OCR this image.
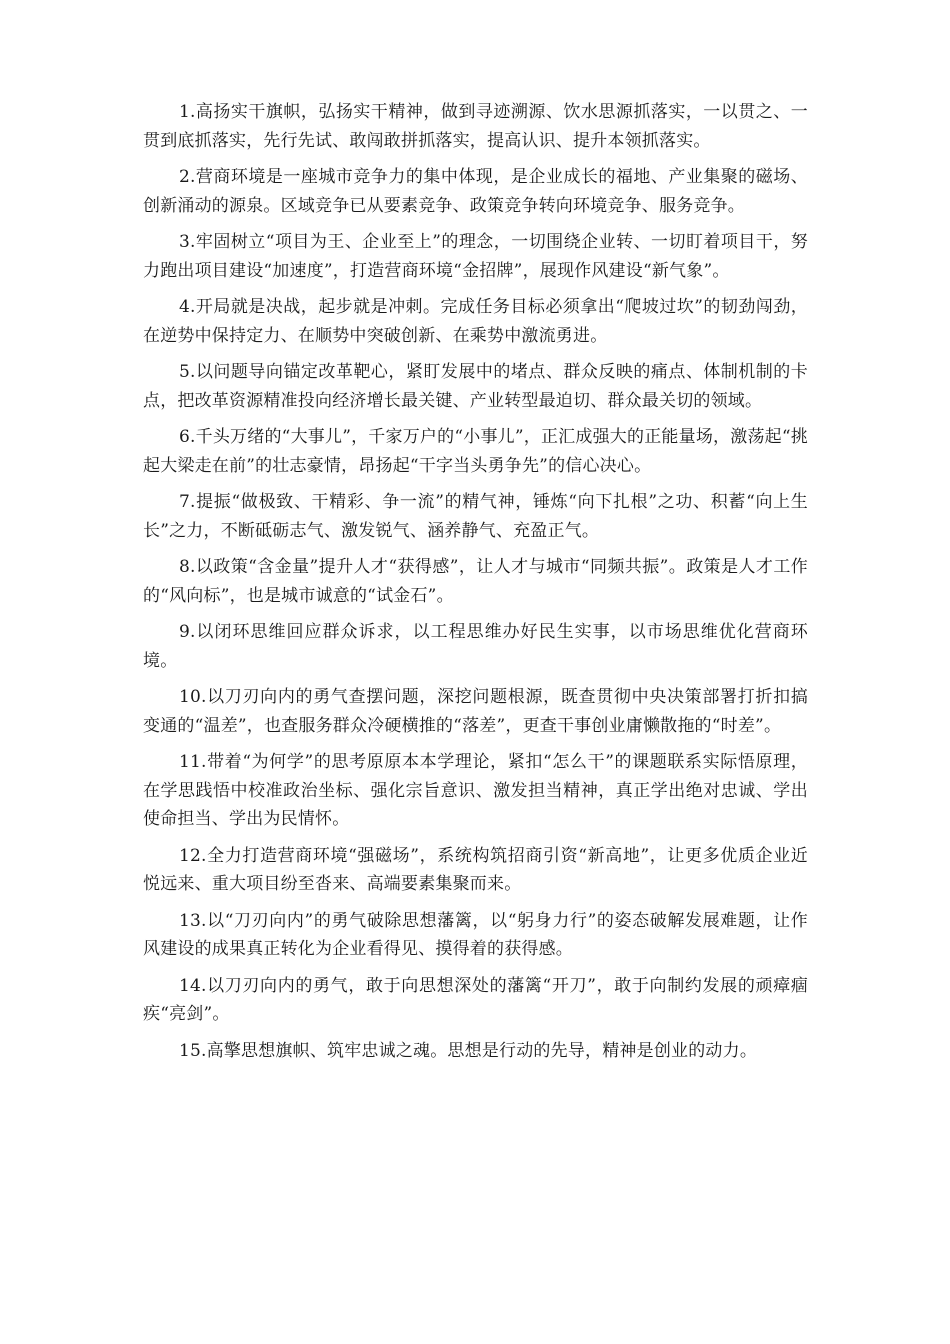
1.高扬实干旗帜，弘扬实干精神，做到寻迹溯源、饮水思源抓落实，一以贯之、一贯到底抓落实，先行先试、敢闯敢拼抓落实，提高认识、提升本领抓落实。

2.营商环境是一座城市竞争力的集中体现，是企业成长的福地、产业集聚的磁场、创新涌动的源泉。区域竞争已从要素竞争、政策竞争转向环境竞争、服务竞争。

3.牢固树立“项目为王、企业至上”的理念，一切围绕企业转、一切盯着项目干，努力跑出项目建设“加速度”，打造营商环境“金招牌”，展现作风建设“新气象”。

4.开局就是决战，起步就是冲刺。完成任务目标必须拿出“爬坡过坎”的韧劲闯劲，在逆势中保持定力、在顺势中突破创新、在乘势中激流勇进。

5.以问题导向锚定改革靶心，紧盯发展中的堵点、群众反映的痛点、体制机制的卡点，把改革资源精准投向经济增长最关键、产业转型最迫切、群众最关切的领域。

6.千头万绪的“大事儿”，千家万户的“小事儿”，正汇成强大的正能量场，激荡起“挑起大梁走在前”的壮志豪情，昂扬起“干字当头勇争先”的信心决心。

7.提振“做极致、干精彩、争一流”的精气神，锤炼“向下扎根”之功、积蓄“向上生长”之力，不断砥砺志气、激发锐气、涵养静气、充盈正气。

8.以政策“含金量”提升人才“获得感”，让人才与城市“同频共振”。政策是人才工作的“风向标”，也是城市诚意的“试金石”。

9.以闭环思维回应群众诉求，以工程思维办好民生实事，以市场思维优化营商环境。

10.以刀刃向内的勇气查摆问题，深挖问题根源，既查贯彻中央决策部署打折扣搞变通的“温差”，也查服务群众冷硬横推的“落差”，更查干事创业庸懒散拖的“时差”。

11.带着“为何学”的思考原原本本学理论，紧扣“怎么干”的课题联系实际悟原理，在学思践悟中校准政治坐标、强化宗旨意识、激发担当精神，真正学出绝对忠诚、学出使命担当、学出为民情怀。

12.全力打造营商环境“强磁场”，系统构筑招商引资“新高地”，让更多优质企业近悦远来、重大项目纷至沓来、高端要素集聚而来。

13.以“刀刃向内”的勇气破除思想藩篱，以“躬身力行”的姿态破解发展难题，让作风建设的成果真正转化为企业看得见、摸得着的获得感。

14.以刀刃向内的勇气，敢于向思想深处的藩篱“开刀”，敢于向制约发展的顽瘴痼疾“亮剑”。

15.高擎思想旗帜、筑牢忠诚之魂。思想是行动的先导，精神是创业的动力。
